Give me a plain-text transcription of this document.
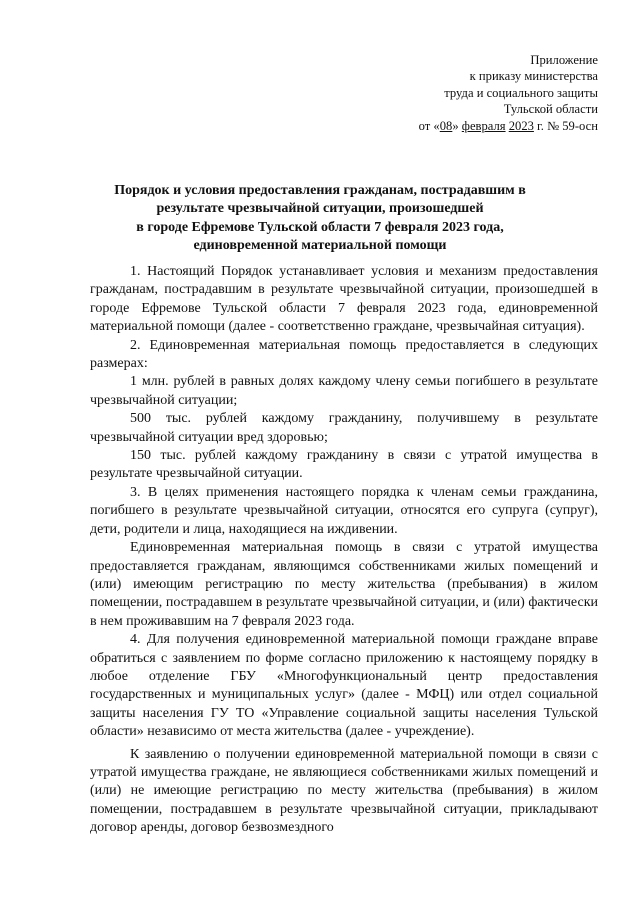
Приложение
к приказу министерства
труда и социального защиты
Тульской области
от «08» февраля 2023 г. № 59-осн
Порядок и условия предоставления гражданам, пострадавшим в
результате чрезвычайной ситуации, произошедшей
в городе Ефремове Тульской области 7 февраля 2023 года,
единовременной материальной помощи

1. Настоящий Порядок устанавливает условия и механизм предоставления гражданам, пострадавшим в результате чрезвычайной ситуации, произошедшей в городе Ефремове Тульской области 7 февраля 2023 года, единовременной материальной помощи (далее - соответственно граждане, чрезвычайная ситуация).

2. Единовременная материальная помощь предоставляется в следующих размерах:

1 млн. рублей в равных долях каждому члену семьи погибшего в результате чрезвычайной ситуации;

500 тыс. рублей каждому гражданину, получившему в результате чрезвычайной ситуации вред здоровью;

150 тыс. рублей каждому гражданину в связи с утратой имущества в результате чрезвычайной ситуации.

3. В целях применения настоящего порядка к членам семьи гражданина, погибшего в результате чрезвычайной ситуации, относятся его супруга (супруг), дети, родители и лица, находящиеся на иждивении.

Единовременная материальная помощь в связи с утратой имущества предоставляется гражданам, являющимся собственниками жилых помещений и (или) имеющим регистрацию по месту жительства (пребывания) в жилом помещении, пострадавшем в результате чрезвычайной ситуации, и (или) фактически в нем проживавшим на 7 февраля 2023 года.

4. Для получения единовременной материальной помощи граждане вправе обратиться с заявлением по форме согласно приложению к настоящему порядку в любое отделение ГБУ «Многофункциональный центр предоставления государственных и муниципальных услуг» (далее - МФЦ) или отдел социальной защиты населения ГУ ТО «Управление социальной защиты населения Тульской области» независимо от места жительства (далее - учреждение).

К заявлению о получении единовременной материальной помощи в связи с утратой имущества граждане, не являющиеся собственниками жилых помещений и (или) не имеющие регистрацию по месту жительства (пребывания) в жилом помещении, пострадавшем в результате чрезвычайной ситуации, прикладывают договор аренды, договор безвозмездного
